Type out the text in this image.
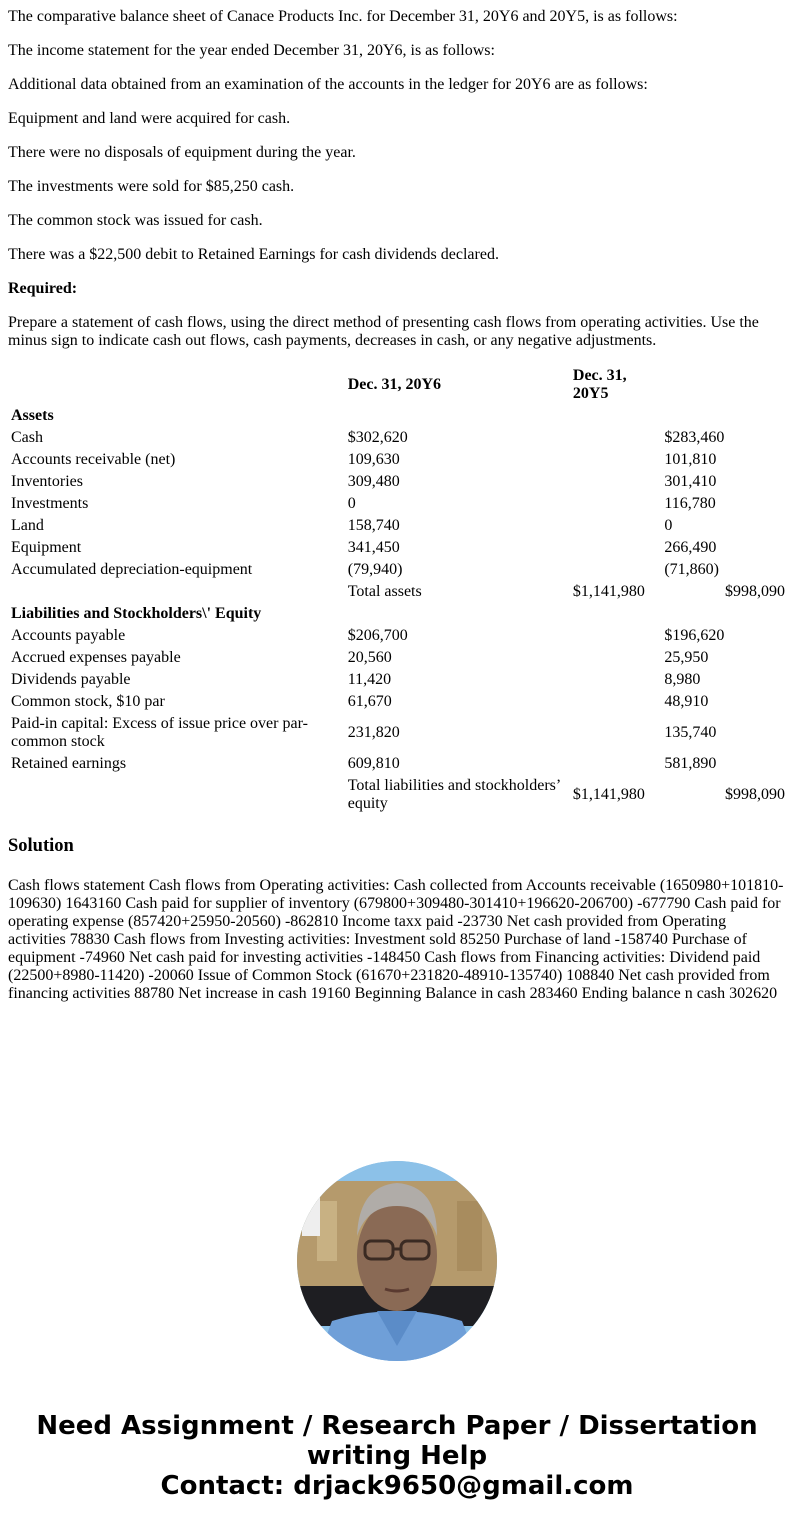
The comparative balance sheet of Canace Products Inc. for December 31, 20Y6 and 20Y5, is as follows:

The income statement for the year ended December 31, 20Y6, is as follows:

Additional data obtained from an examination of the accounts in the ledger for 20Y6 are as follows:

Equipment and land were acquired for cash.

There were no disposals of equipment during the year.

The investments were sold for $85,250 cash.

The common stock was issued for cash.

There was a $22,500 debit to Retained Earnings for cash dividends declared.

Required:

Prepare a statement of cash flows, using the direct method of presenting cash flows from operating activities. Use the minus sign to indicate cash out flows, cash payments, decreases in cash, or any negative adjustments.

	Dec. 31, 20Y6	Dec. 31, 20Y5	
Assets			
Cash	$302,620		$283,460
Accounts receivable (net)	109,630		101,810
Inventories	309,480		301,410
Investments	0		116,780
Land	158,740		0
Equipment	341,450		266,490
Accumulated depreciation-equipment	(79,940)		(71,860)
	Total assets	$1,141,980	$998,090
Liabilities and Stockholders\' Equity			
Accounts payable	$206,700		$196,620
Accrued expenses payable	20,560		25,950
Dividends payable	11,420		8,980
Common stock, $10 par	61,670		48,910
Paid-in capital: Excess of issue price over par-common stock	231,820		135,740
Retained earnings	609,810		581,890
	Total liabilities and stockholders’ equity	$1,141,980	$998,090
Solution

Cash flows statement Cash flows from Operating activities: Cash collected from Accounts receivable (1650980+101810-109630) 1643160 Cash paid for supplier of inventory (679800+309480-301410+196620-206700) -677790 Cash paid for operating expense (857420+25950-20560) -862810 Income taxx paid -23730 Net cash provided from Operating activities 78830 Cash flows from Investing activities: Investment sold 85250 Purchase of land -158740 Purchase of equipment -74960 Net cash paid for investing activities -148450 Cash flows from Financing activities: Dividend paid (22500+8980-11420) -20060 Issue of Common Stock (61670+231820-48910-135740) 108840 Net cash provided from financing activities 88780 Net increase in cash 19160 Beginning Balance in cash 283460 Ending balance n cash 302620

Need Assignment / Research Paper / Dissertation
writing Help
Contact: drjack9650@gmail.com
